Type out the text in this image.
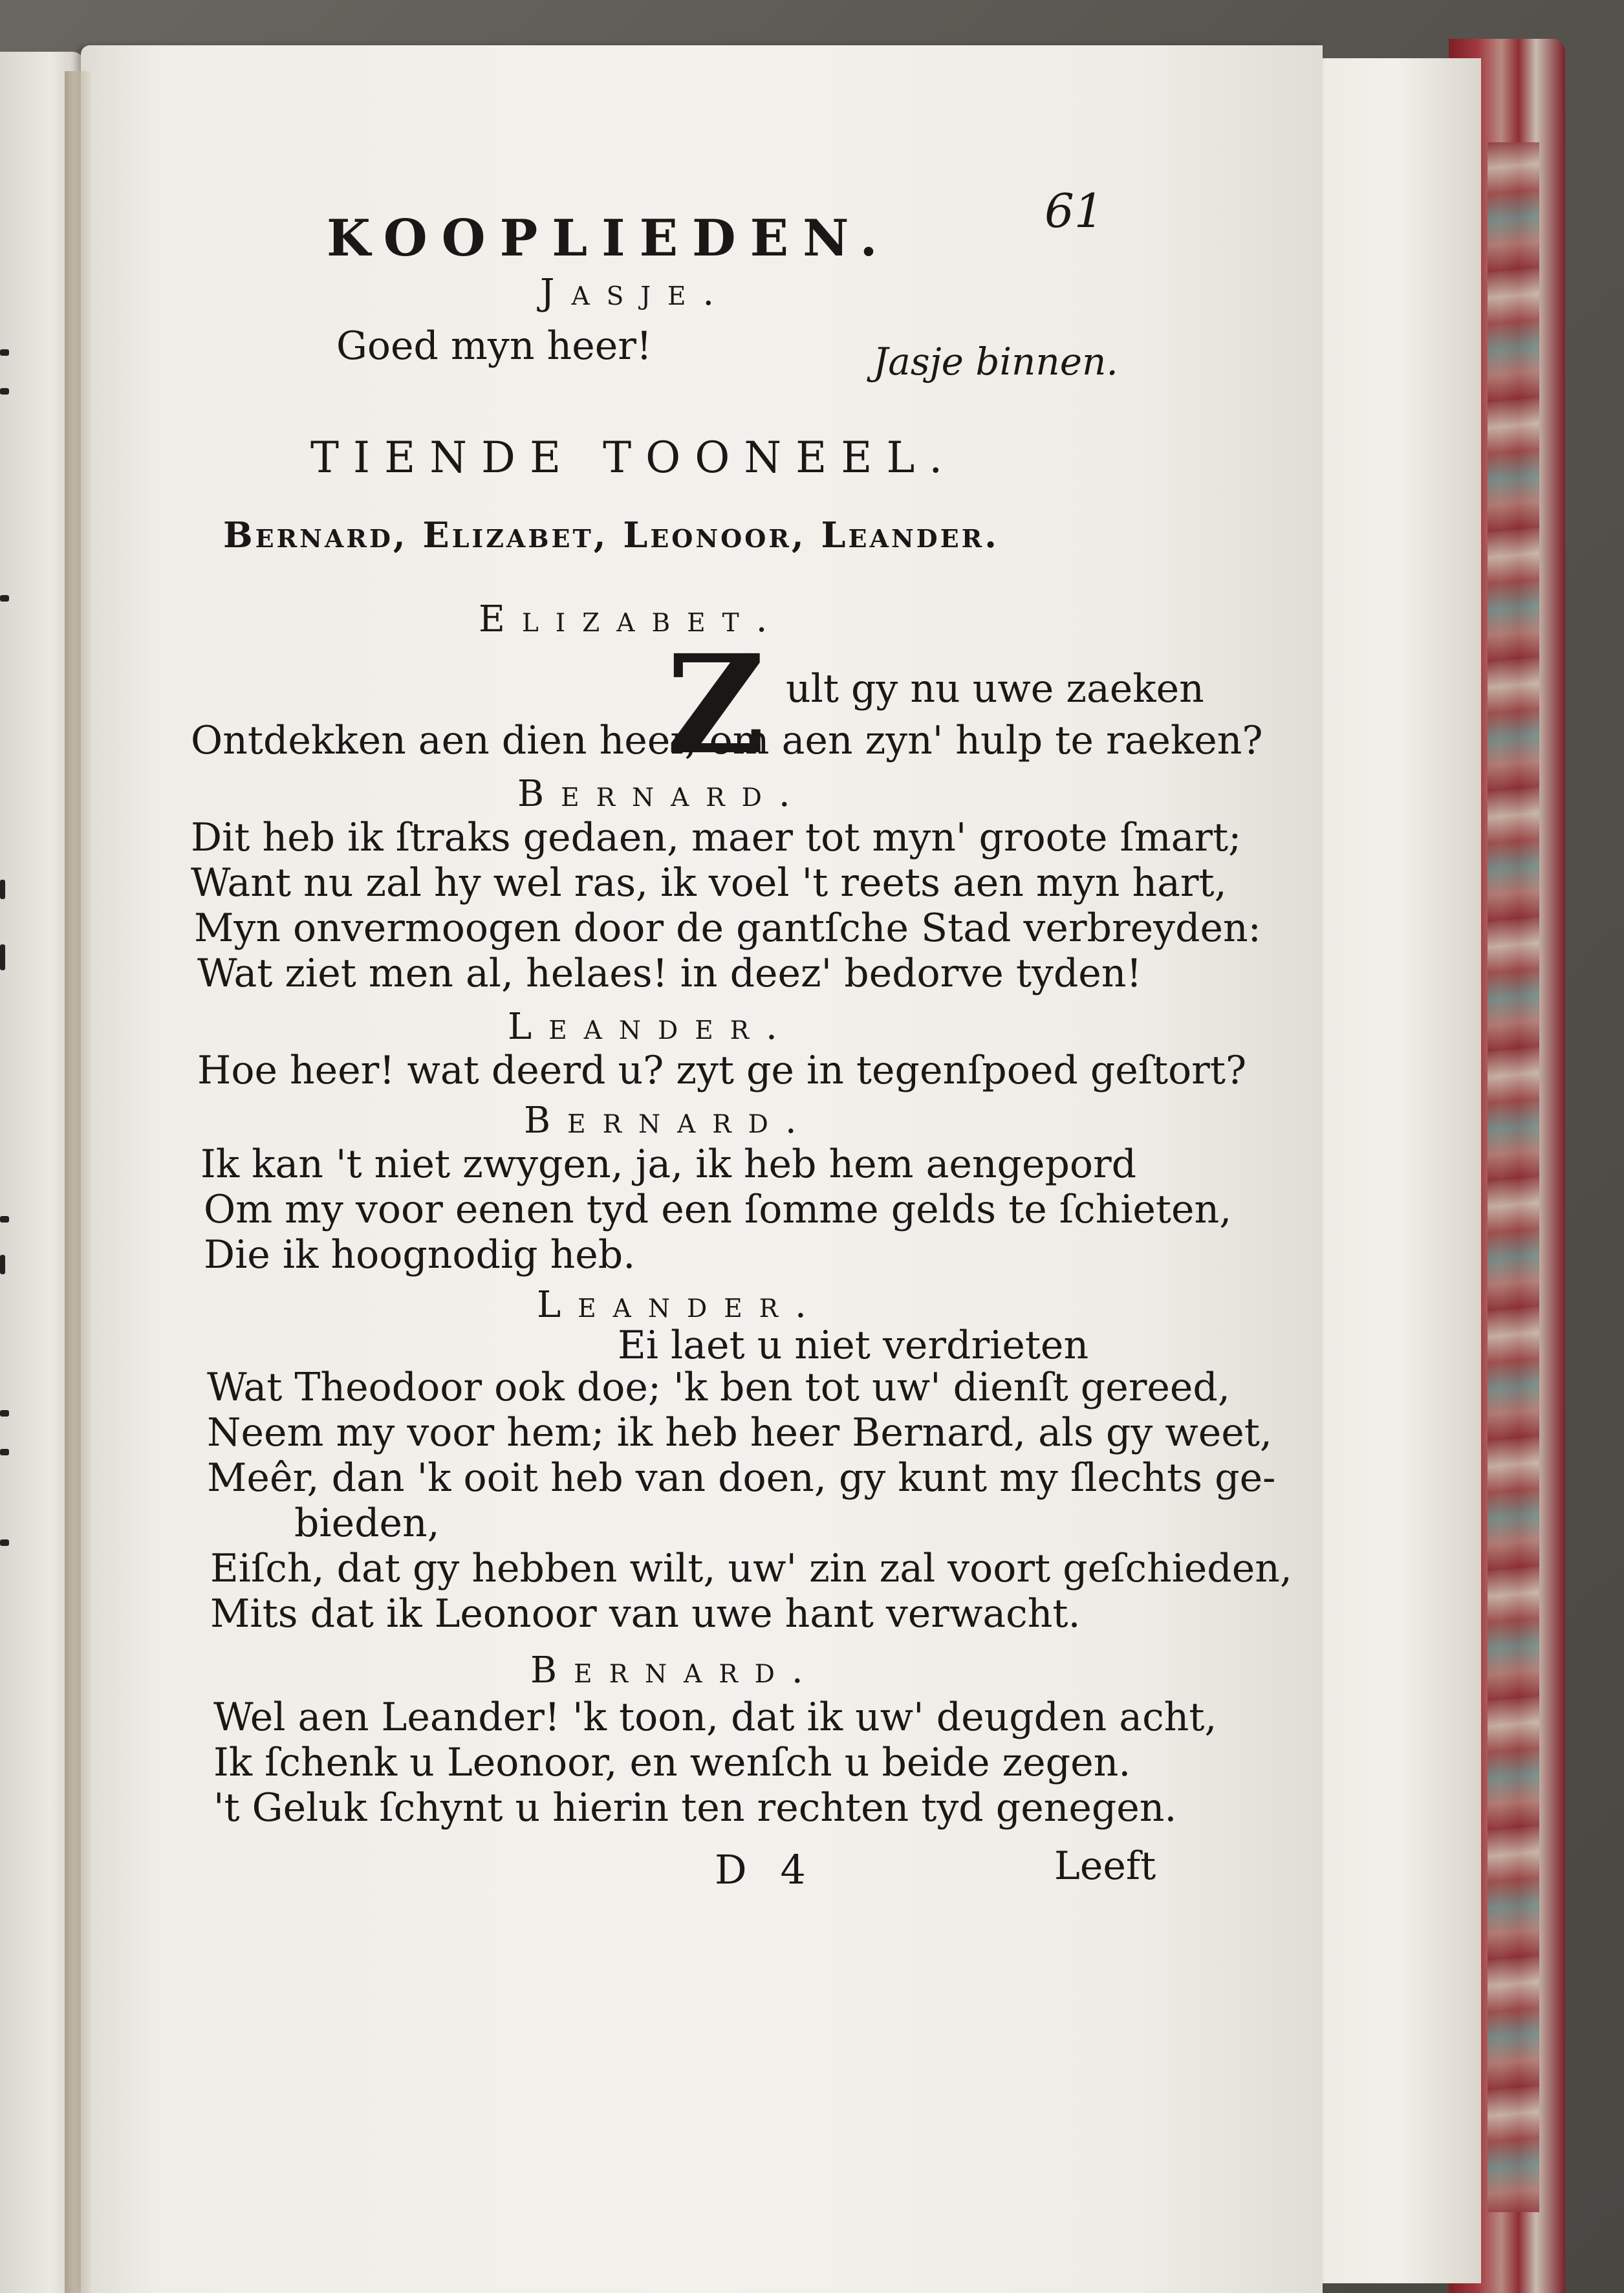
KOOPLIEDEN.	61
Jasje.
Goed myn heer!	Jasje binnen.
TIENDE TOONEEL.
Bernard, Elizabet, Leonoor, Leander.
Elizabet.
Z ult gy nu uwe zaeken
Ontdekken aen dien heer, om aen zyn' hulp te raeken?
Bernard.
Dit heb ik ſtraks gedaen, maer tot myn' groote ſmart;
Want nu zal hy wel ras, ik voel 't reets aen myn hart,
Myn onvermoogen door de gantſche Stad verbreyden:
Wat ziet men al, helaes! in deez' bedorve tyden!
Leander.
Hoe heer! wat deerd u? zyt ge in tegenſpoed geſtort?
Bernard.
Ik kan 't niet zwygen, ja, ik heb hem aengepord
Om my voor eenen tyd een ſomme gelds te ſchieten,
Die ik hoognodig heb.
Leander.
Ei laet u niet verdrieten
Wat Theodoor ook doe; 'k ben tot uw' dienſt gereed,
Neem my voor hem; ik heb heer Bernard, als gy weet,
Meêr, dan 'k ooit heb van doen, gy kunt my ſlechts ge-
bieden,
Eiſch, dat gy hebben wilt, uw' zin zal voort geſchieden,
Mits dat ik Leonoor van uwe hant verwacht.
Bernard.
Wel aen Leander! 'k toon, dat ik uw' deugden acht,
Ik ſchenk u Leonoor, en wenſch u beide zegen.
't Geluk ſchynt u hierin ten rechten tyd genegen.
D 4	Leeft
